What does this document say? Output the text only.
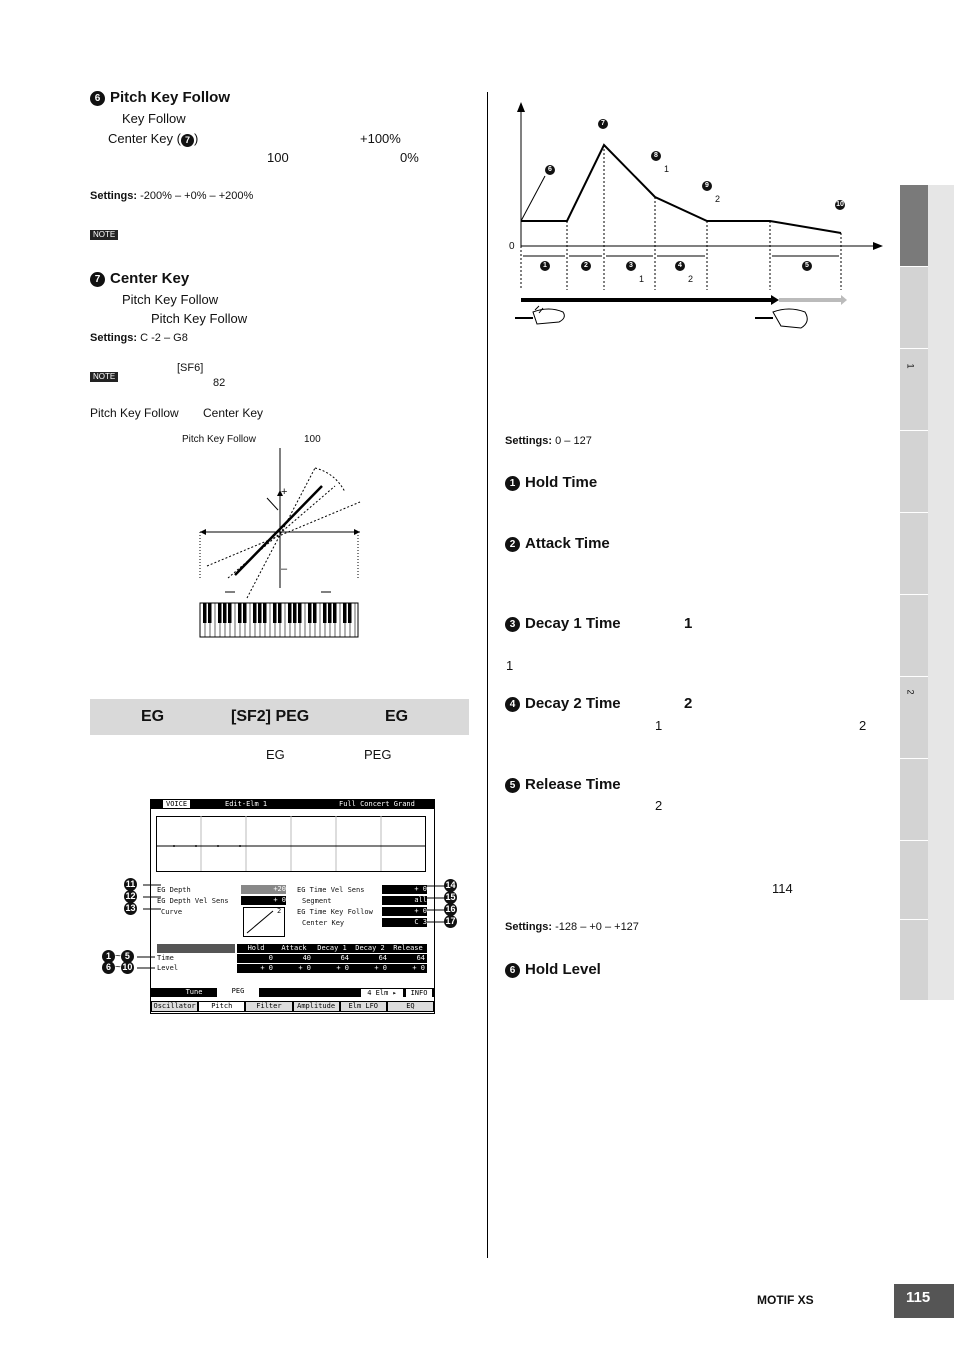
6 Pitch Key Follow
Key Follow
Center Key ( 7 )	+100%
100	0%
Settings: -200% – +0% – +200%
NOTE
7 Center Key
Pitch Key Follow
Pitch Key Follow
Settings: C -2 – G8
NOTE
[SF6]
82
Pitch Key Follow Center Key
Pitch Key Follow	100
+
–
EG	[SF2] PEG	EG
EG	PEG
VOICE	Edit-Elm 1	Full Concert Grand
EG Depth	+20
EG Depth Vel Sens	+ 0
Curve	2
EG Time Vel Sens	+ 0
Segment	all
EG Time Key Follow	+ 0
Center Key	C 3
Hold	Attack	Decay 1	Decay 2	Release
Time	0	40	64	64	64
Level	+ 0	+ 0	+ 0	+ 0	+ 0
Tune	PEG	4 Elm ▸	INFO
Oscillator	Pitch	Filter	Amplitude	Elm LFO	EQ
11
12
13
14
15
16
17
1 ~ 5
6 ~10
0
6
7
8
1
9
2
10
1	2	3
1
4
2
5
Settings: 0 – 127
1 Hold Time
2 Attack Time
3 Decay 1 Time	1
1
4 Decay 2 Time	2
1	2
5 Release Time
2
114
Settings: -128 – +0 – +127
6 Hold Level
1
2
MOTIF XS	115
